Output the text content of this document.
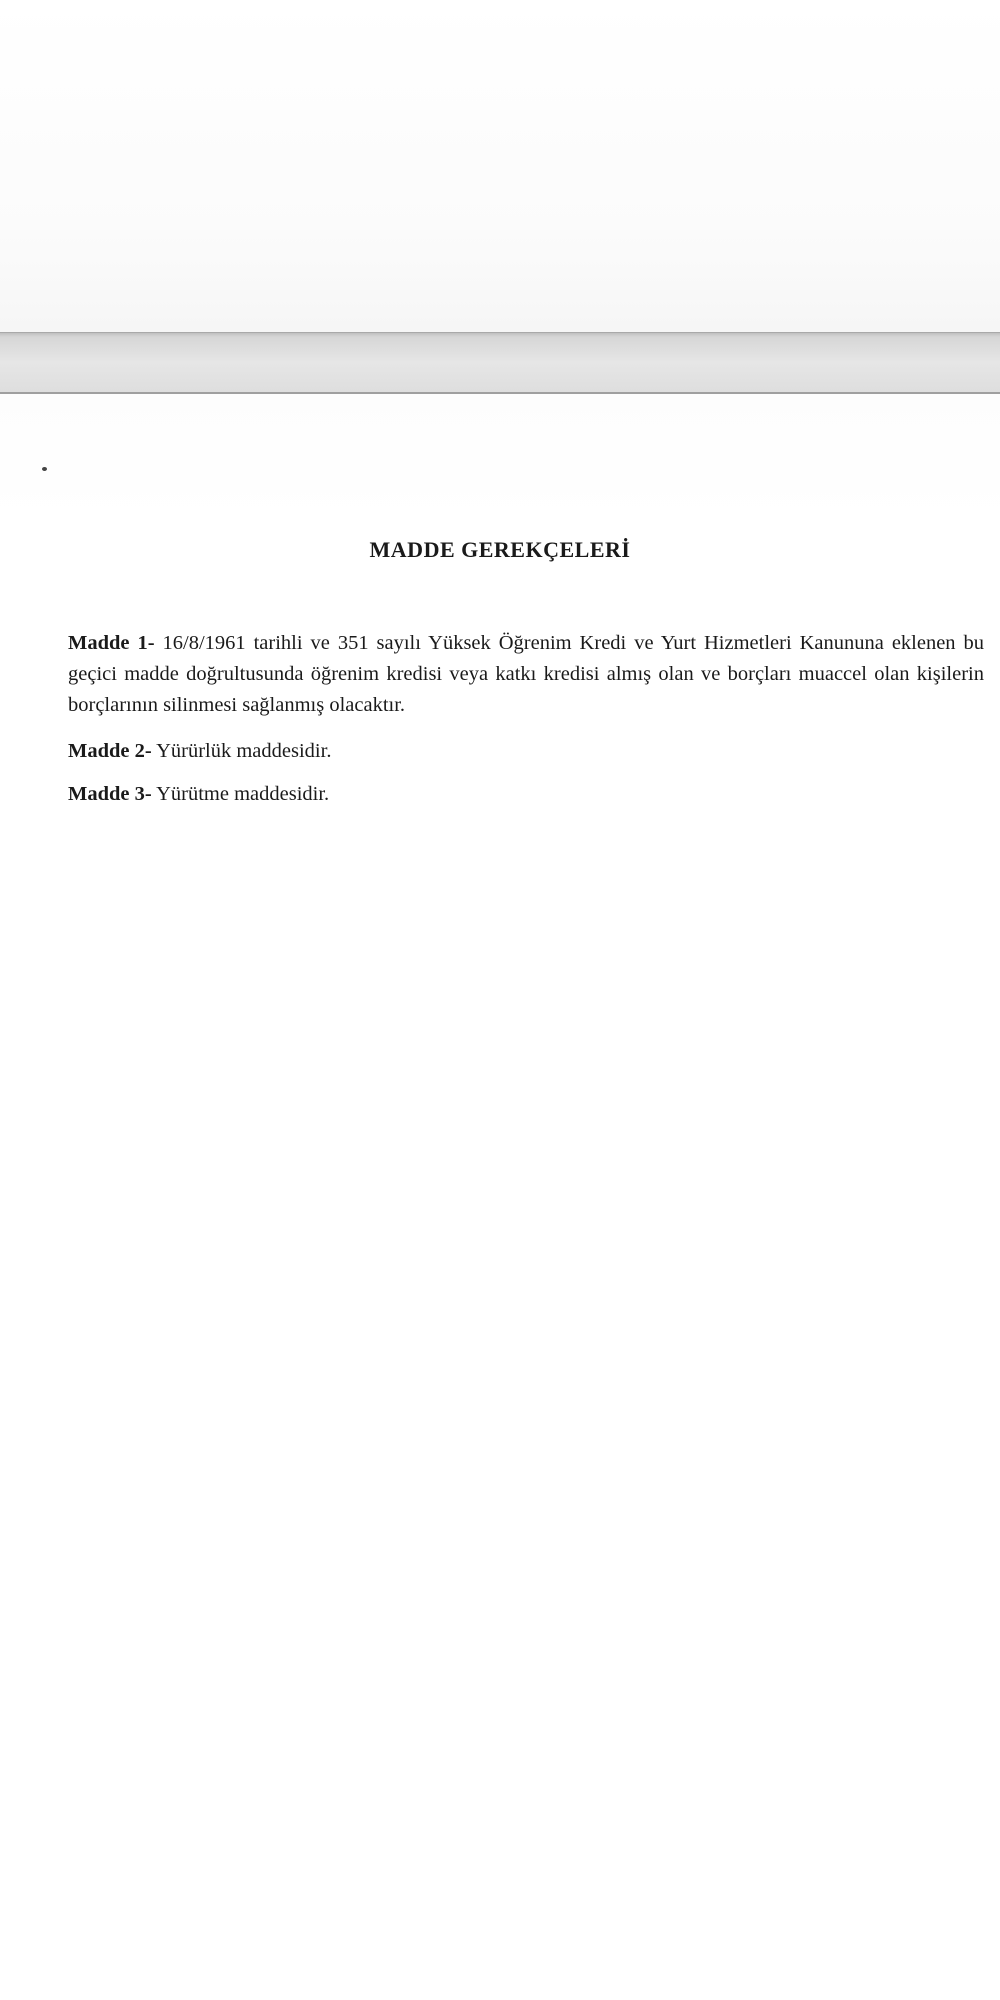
MADDE GEREKÇELERİ

Madde 1- 16/8/1961 tarihli ve 351 sayılı Yüksek Öğrenim Kredi ve Yurt Hizmetleri Kanununa eklenen bu geçici madde doğrultusunda öğrenim kredisi veya katkı kredisi almış olan ve borçları muaccel olan kişilerin borçlarının silinmesi sağlanmış olacaktır.

Madde 2- Yürürlük maddesidir.

Madde 3- Yürütme maddesidir.
